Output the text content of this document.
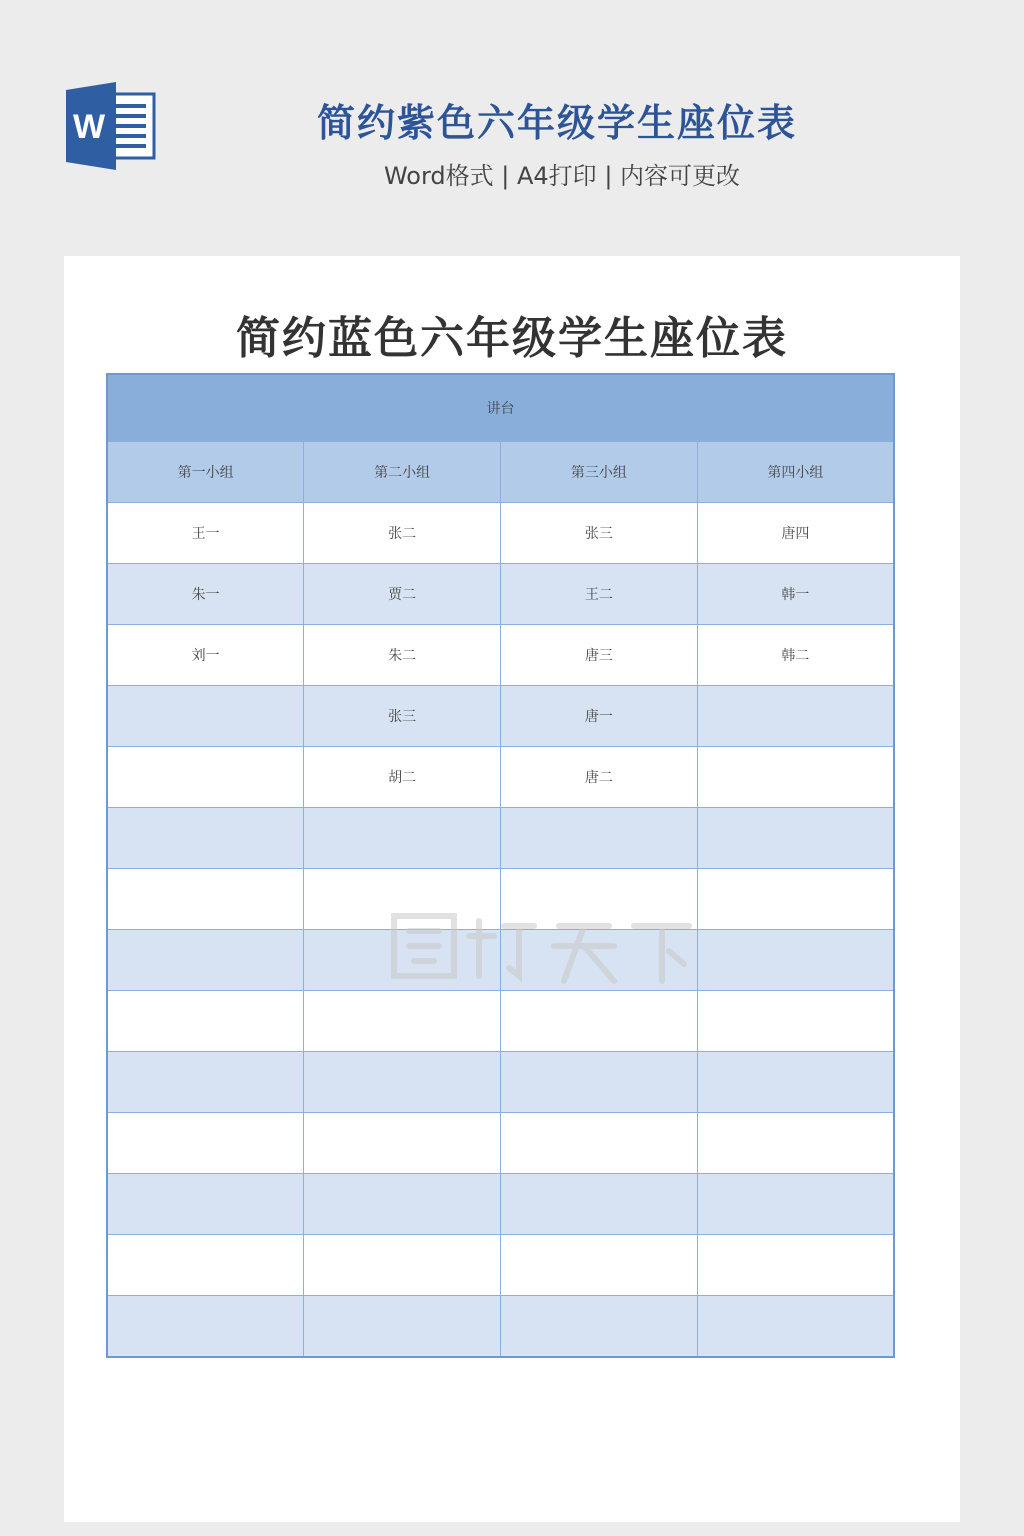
W	简约紫色六年级学生座位表
Word格式 | A4打印 | 内容可更改
简约蓝色六年级学生座位表
讲台			
第一小组	第二小组	第三小组	第四小组
王一	张二	张三	唐四
朱一	贾二	王二	韩一
刘一	朱二	唐三	韩二
	张三	唐一	
	胡二	唐二	
